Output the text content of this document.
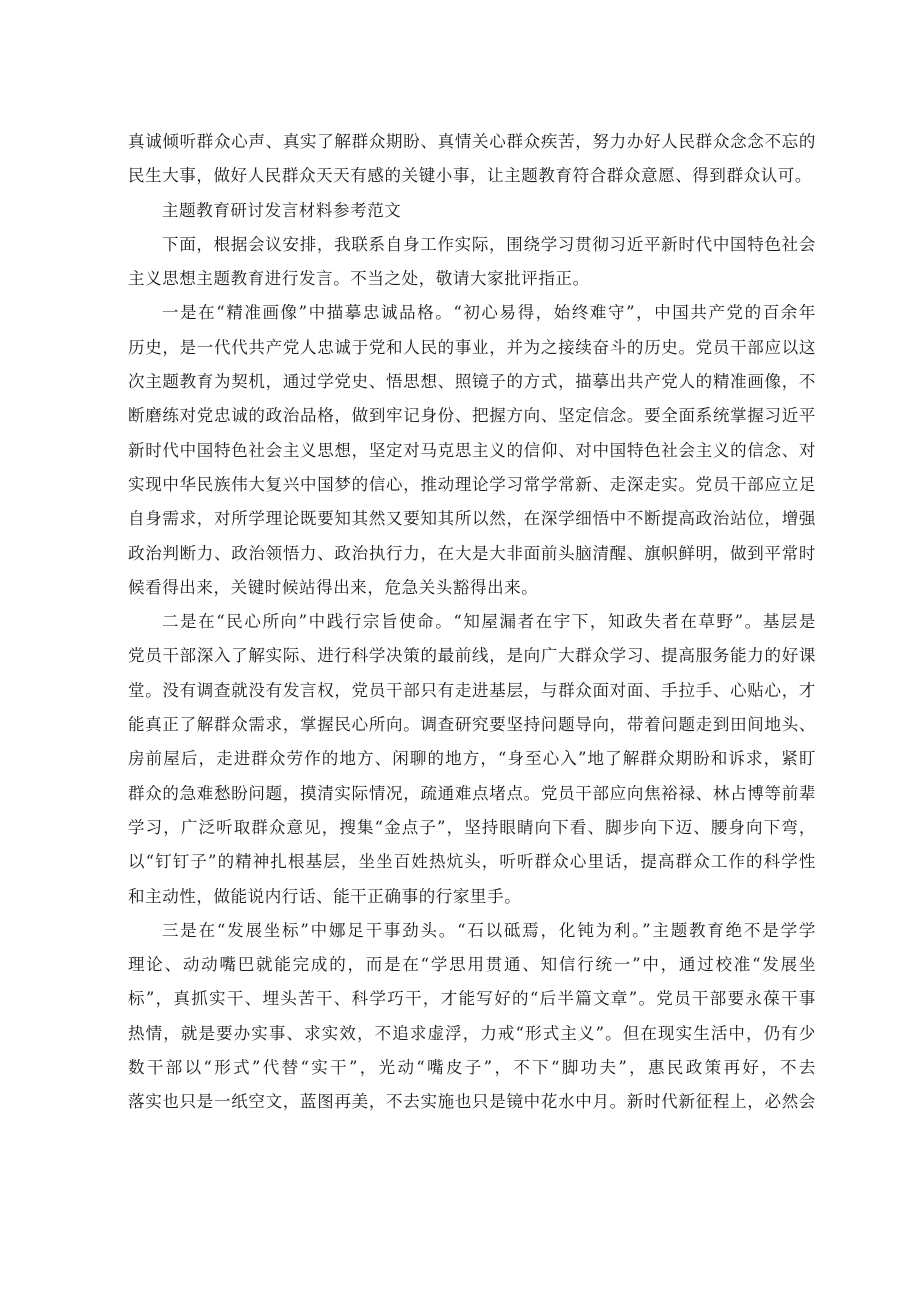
真诚倾听群众心声、真实了解群众期盼、真情关心群众疾苦，努力办好人民群众念念不忘的
民生大事，做好人民群众天天有感的关键小事，让主题教育符合群众意愿、得到群众认可。
主题教育研讨发言材料参考范文
下面，根据会议安排，我联系自身工作实际，围绕学习贯彻习近平新时代中国特色社会
主义思想主题教育进行发言。不当之处，敬请大家批评指正。
一是在“精准画像”中描摹忠诚品格。“初心易得，始终难守”，中国共产党的百余年
历史，是一代代共产党人忠诚于党和人民的事业，并为之接续奋斗的历史。党员干部应以这
次主题教育为契机，通过学党史、悟思想、照镜子的方式，描摹出共产党人的精准画像，不
断磨练对党忠诚的政治品格，做到牢记身份、把握方向、坚定信念。要全面系统掌握习近平
新时代中国特色社会主义思想，坚定对马克思主义的信仰、对中国特色社会主义的信念、对
实现中华民族伟大复兴中国梦的信心，推动理论学习常学常新、走深走实。党员干部应立足
自身需求，对所学理论既要知其然又要知其所以然，在深学细悟中不断提高政治站位，增强
政治判断力、政治领悟力、政治执行力，在大是大非面前头脑清醒、旗帜鲜明，做到平常时
候看得出来，关键时候站得出来，危急关头豁得出来。
二是在“民心所向”中践行宗旨使命。“知屋漏者在宇下，知政失者在草野”。基层是
党员干部深入了解实际、进行科学决策的最前线，是向广大群众学习、提高服务能力的好课
堂。没有调查就没有发言权，党员干部只有走进基层，与群众面对面、手拉手、心贴心，才
能真正了解群众需求，掌握民心所向。调查研究要坚持问题导向，带着问题走到田间地头、
房前屋后，走进群众劳作的地方、闲聊的地方，“身至心入”地了解群众期盼和诉求，紧盯
群众的急难愁盼问题，摸清实际情况，疏通难点堵点。党员干部应向焦裕禄、林占博等前辈
学习，广泛听取群众意见，搜集“金点子”，坚持眼睛向下看、脚步向下迈、腰身向下弯，
以“钉钉子”的精神扎根基层，坐坐百姓热炕头，听听群众心里话，提高群众工作的科学性
和主动性，做能说内行话、能干正确事的行家里手。
三是在“发展坐标”中娜足干事劲头。“石以砥焉，化钝为利。”主题教育绝不是学学
理论、动动嘴巴就能完成的，而是在“学思用贯通、知信行统一”中，通过校准“发展坐
标”，真抓实干、埋头苦干、科学巧干，才能写好的“后半篇文章”。党员干部要永葆干事
热情，就是要办实事、求实效，不追求虚浮，力戒“形式主义”。但在现实生活中，仍有少
数干部以“形式”代替“实干”，光动“嘴皮子”，不下“脚功夫”，惠民政策再好，不去
落实也只是一纸空文，蓝图再美，不去实施也只是镜中花水中月。新时代新征程上，必然会
